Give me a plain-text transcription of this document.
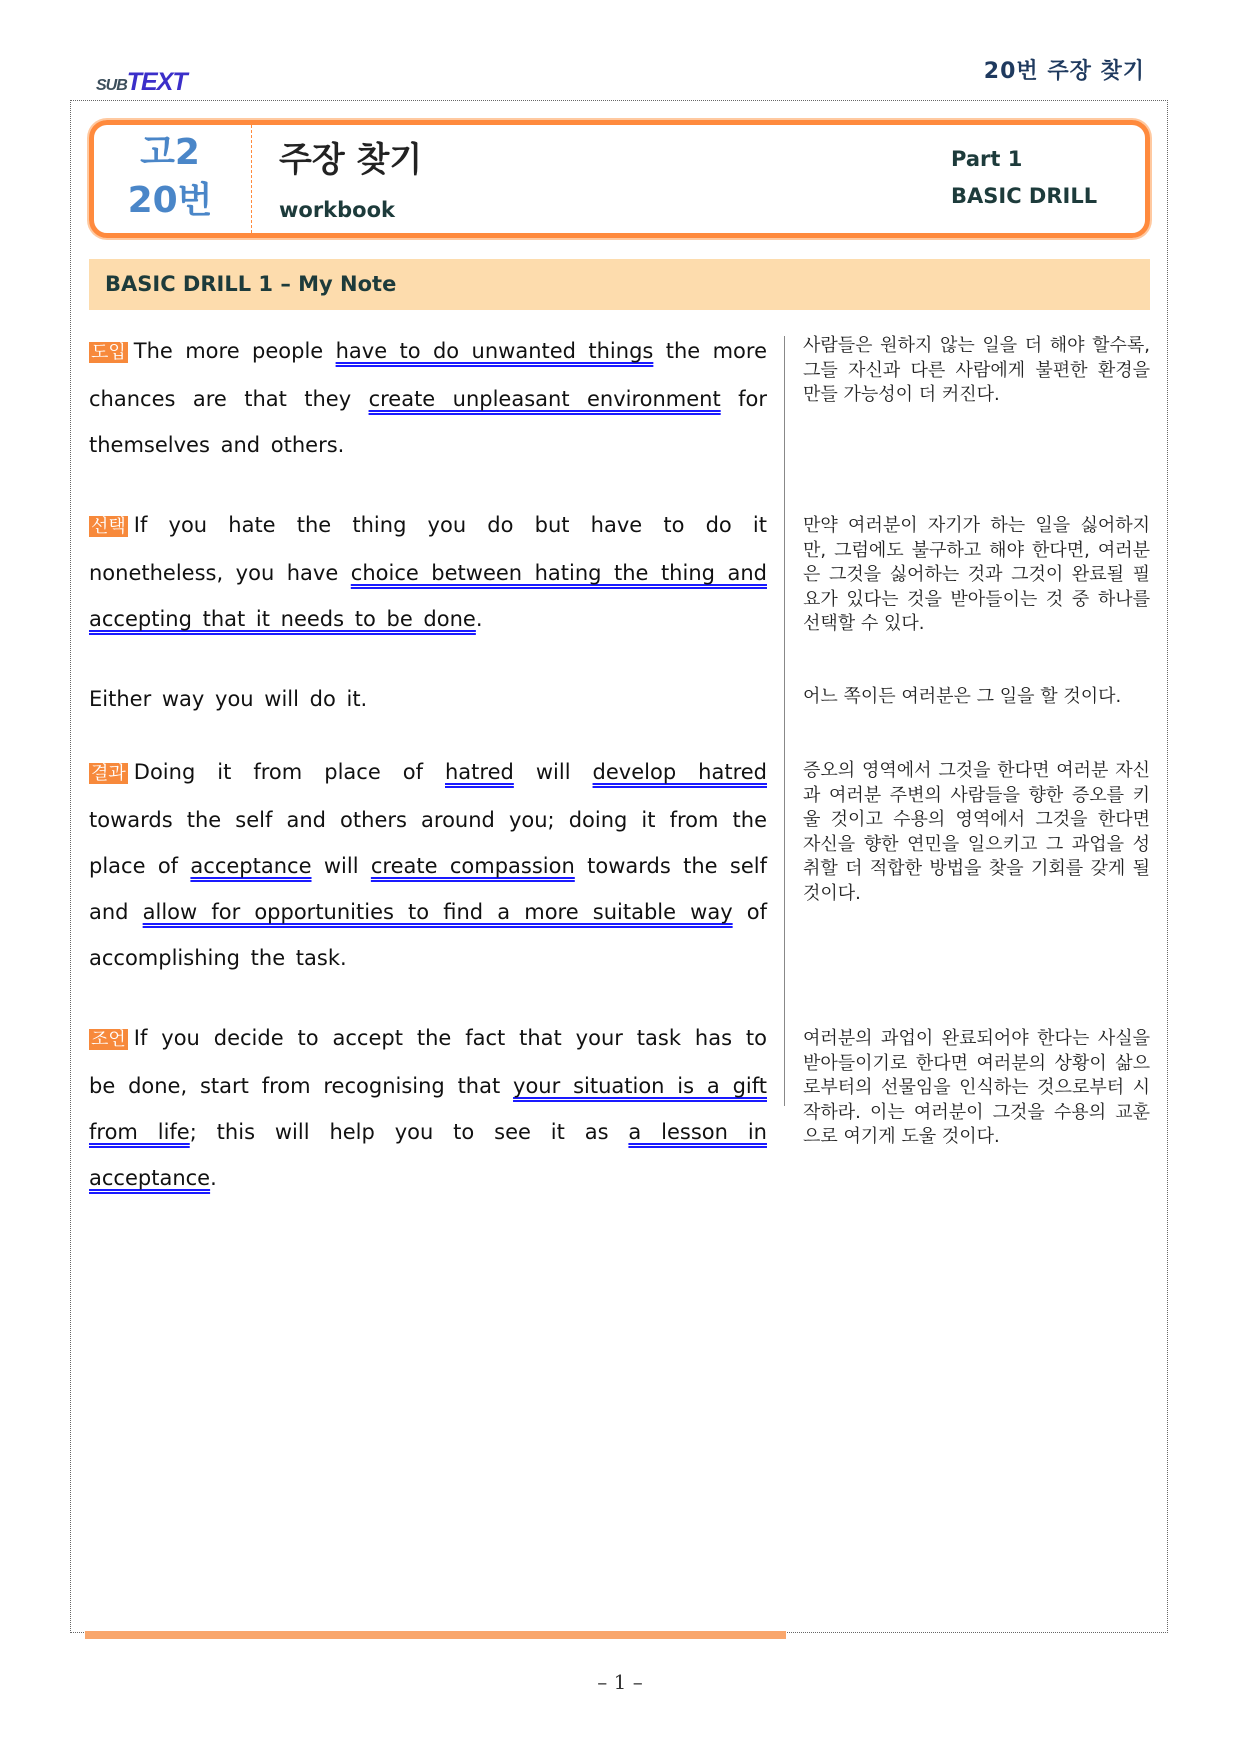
SUBTEXT	20번 주장 찾기
고2
20번
주장 찾기
workbook
Part 1
BASIC DRILL
BASIC DRILL 1 – My Note
도입 The more people have to do unwanted things the more chances are that they create unpleasant environment for themselves and others.
사람들은 원하지 않는 일을 더 해야 할수록, 그들 자신과 다른 사람에게 불편한 환경을 만들 가능성이 더 커진다.
선택 If you hate the thing you do but have to do it nonetheless, you have choice between hating the thing and accepting that it needs to be done.
만약 여러분이 자기가 하는 일을 싫어하지만, 그럼에도 불구하고 해야 한다면, 여러분은 그것을 싫어하는 것과 그것이 완료될 필요가 있다는 것을 받아들이는 것 중 하나를 선택할 수 있다.
Either way you will do it.	어느 쪽이든 여러분은 그 일을 할 것이다.
결과 Doing it from place of hatred will develop hatred towards the self and others around you; doing it from the place of acceptance will create compassion towards the self and allow for opportunities to find a more suitable way of accomplishing the task.
증오의 영역에서 그것을 한다면 여러분 자신과 여러분 주변의 사람들을 향한 증오를 키울 것이고 수용의 영역에서 그것을 한다면 자신을 향한 연민을 일으키고 그 과업을 성취할 더 적합한 방법을 찾을 기회를 갖게 될 것이다.
조언 If you decide to accept the fact that your task has to be done, start from recognising that your situation is a gift from life; this will help you to see it as a lesson in acceptance.
여러분의 과업이 완료되어야 한다는 사실을 받아들이기로 한다면 여러분의 상황이 삶으로부터의 선물임을 인식하는 것으로부터 시작하라. 이는 여러분이 그것을 수용의 교훈으로 여기게 도울 것이다.
– 1 –
